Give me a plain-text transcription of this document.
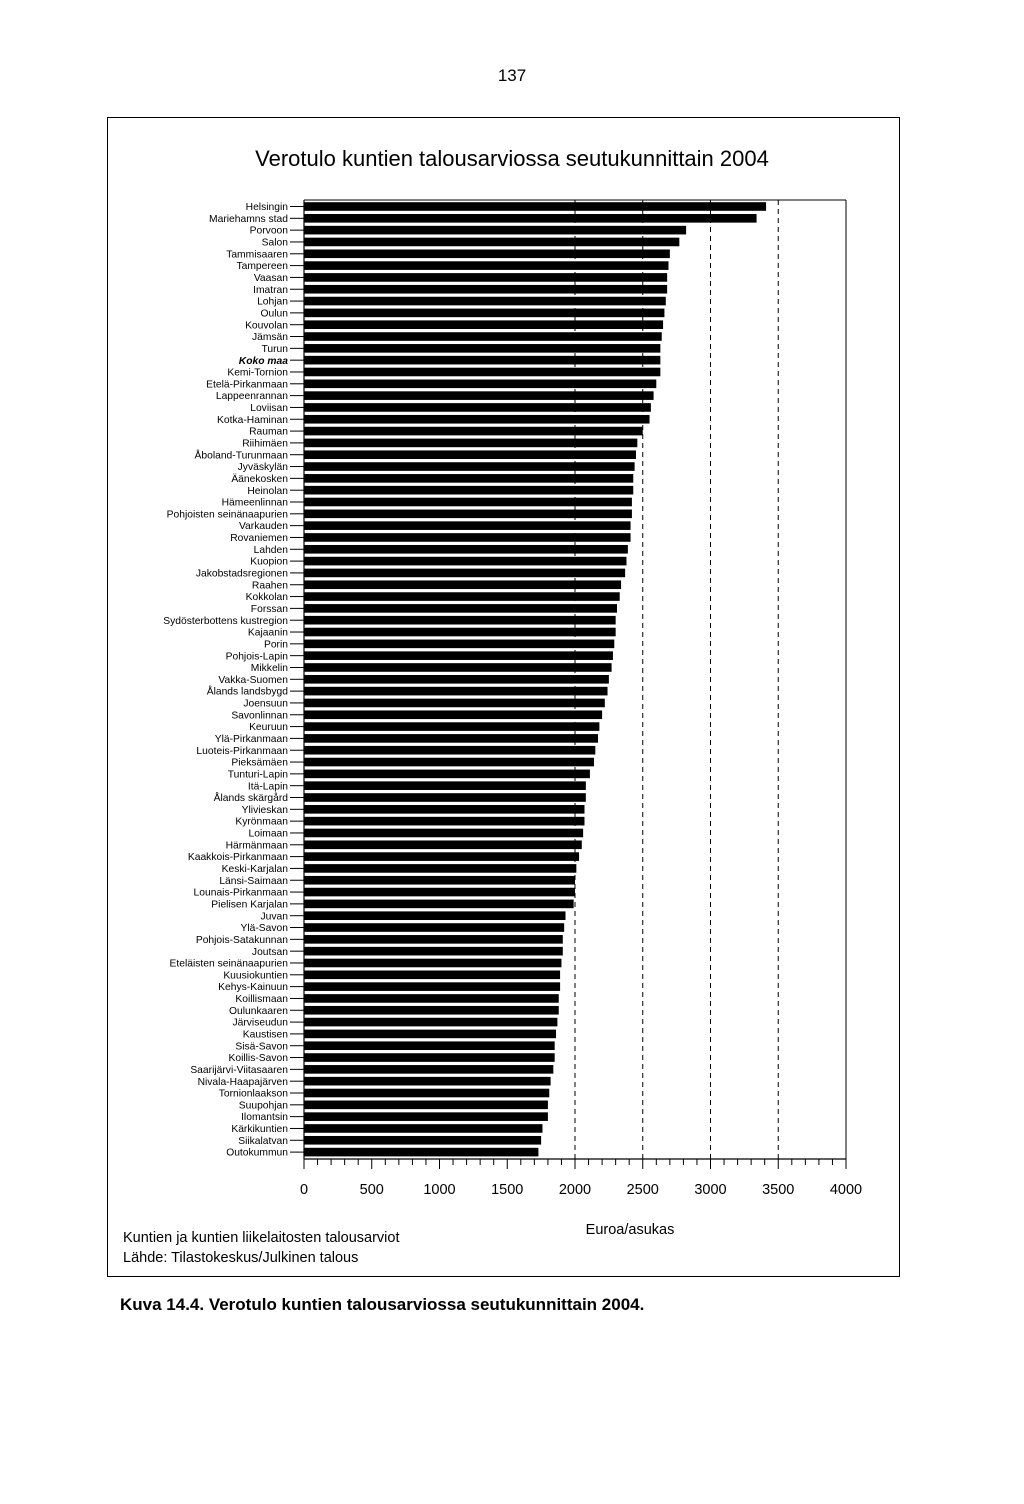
137
Verotulo kuntien talousarviossa seutukunnittain 2004
Helsingin
Mariehamns stad
Porvoon
Salon
Tammisaaren
Tampereen
Vaasan
Imatran
Lohjan
Oulun
Kouvolan
Jämsän
Turun
Koko maa
Kemi-Tornion
Etelä-Pirkanmaan
Lappeenrannan
Loviisan
Kotka-Haminan
Rauman
Riihimäen
Åboland-Turunmaan
Jyväskylän
Äänekosken
Heinolan
Hämeenlinnan
Pohjoisten seinänaapurien
Varkauden
Rovaniemen
Lahden
Kuopion
Jakobstadsregionen
Raahen
Kokkolan
Forssan
Sydösterbottens kustregion
Kajaanin
Porin
Pohjois-Lapin
Mikkelin
Vakka-Suomen
Ålands landsbygd
Joensuun
Savonlinnan
Keuruun
Ylä-Pirkanmaan
Luoteis-Pirkanmaan
Pieksämäen
Tunturi-Lapin
Itä-Lapin
Ålands skärgård
Ylivieskan
Kyrönmaan
Loimaan
Härmänmaan
Kaakkois-Pirkanmaan
Keski-Karjalan
Länsi-Saimaan
Lounais-Pirkanmaan
Pielisen Karjalan
Juvan
Ylä-Savon
Pohjois-Satakunnan
Joutsan
Eteläisten seinänaapurien
Kuusiokuntien
Kehys-Kainuun
Koillismaan
Oulunkaaren
Järviseudun
Kaustisen
Sisä-Savon
Koillis-Savon
Saarijärvi-Viitasaaren
Nivala-Haapajärven
Tornionlaakson
Suupohjan
Ilomantsin
Kärkikuntien
Siikalatvan
Outokummun
0	500	1000 1500 2000 2500 3000 3500 4000
Euroa/asukas
Kuntien ja kuntien liikelaitosten talousarviot
Lähde: Tilastokeskus/Julkinen talous
Kuva 14.4. Verotulo kuntien talousarviossa seutukunnittain 2004.
